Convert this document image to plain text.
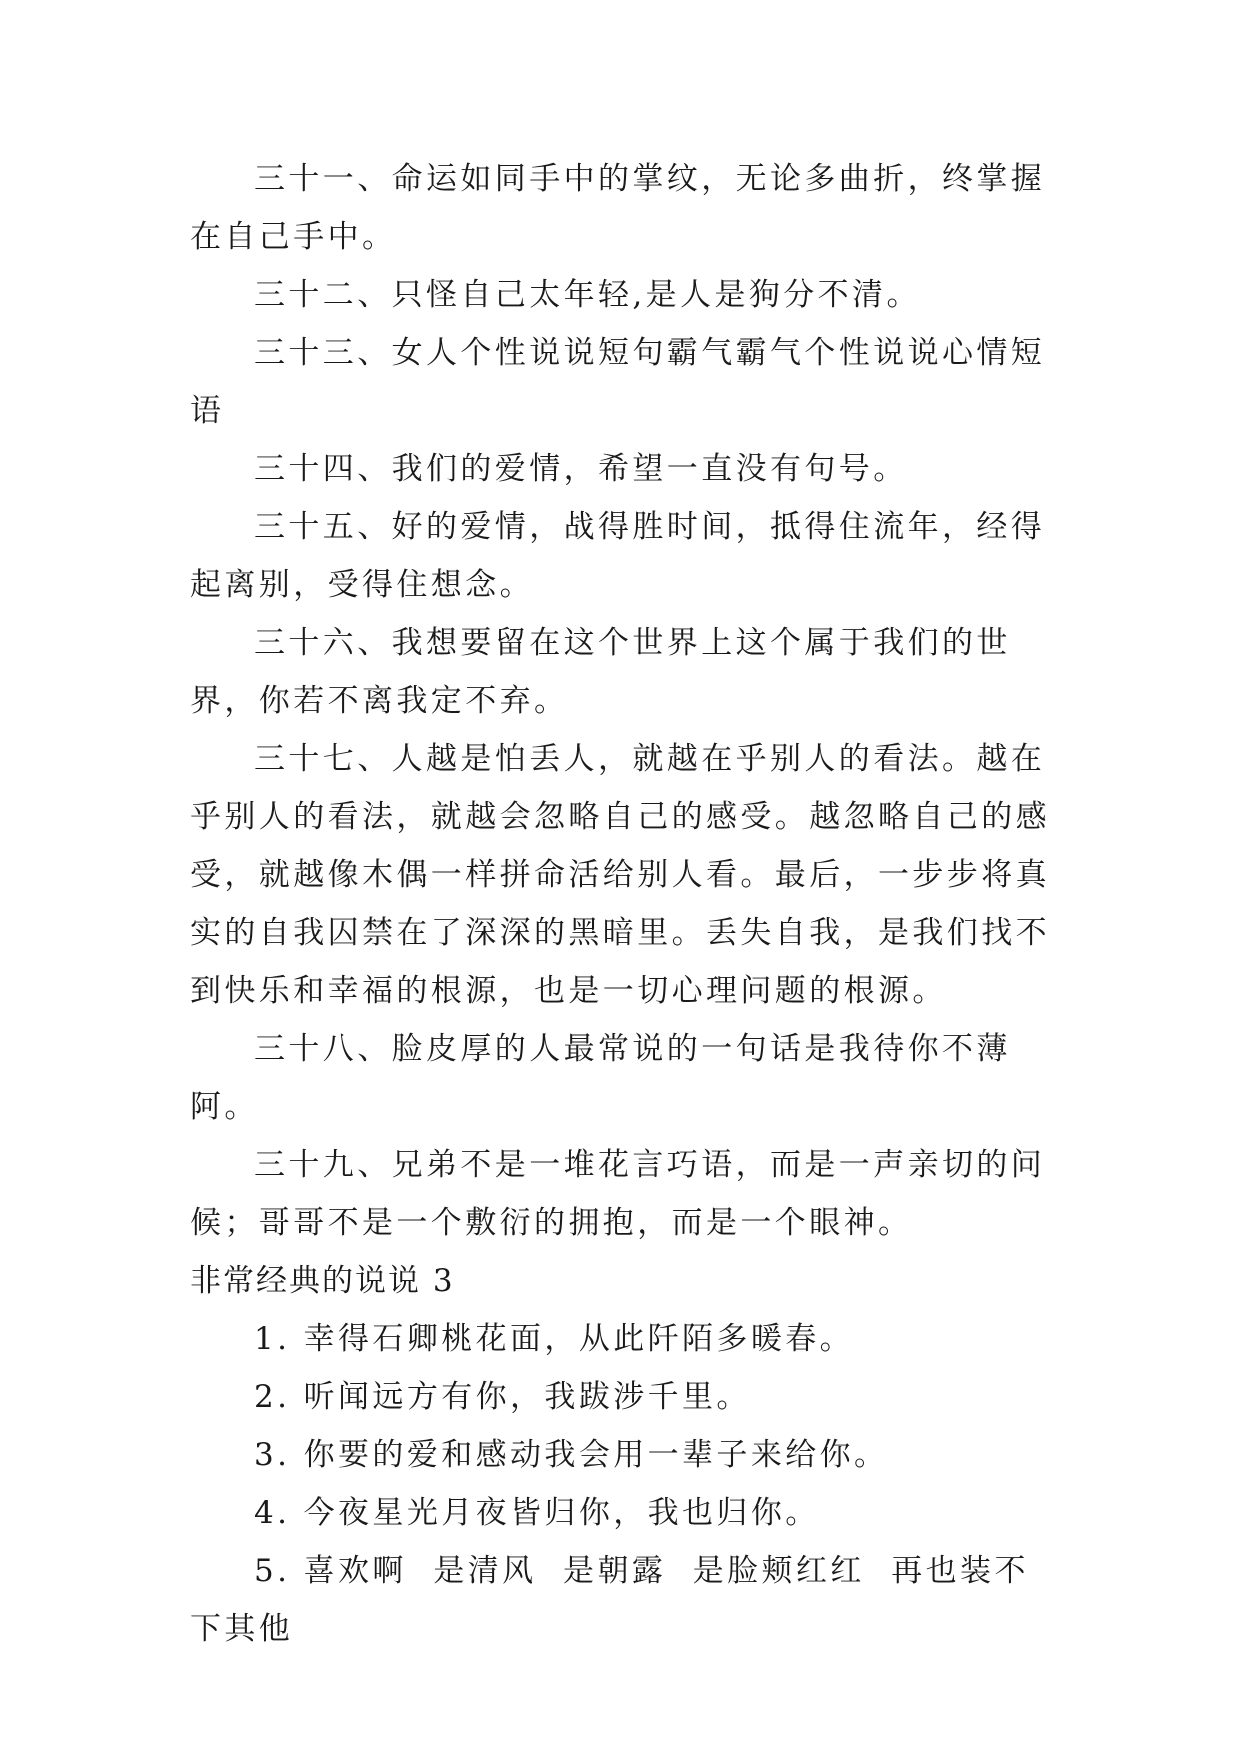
三十一、命运如同手中的掌纹，无论多曲折，终掌握在自己手中。

三十二、只怪自己太年轻,是人是狗分不清。

三十三、女人个性说说短句霸气霸气个性说说心情短语

三十四、我们的爱情，希望一直没有句号。

三十五、好的爱情，战得胜时间，抵得住流年，经得起离别，受得住想念。

三十六、我想要留在这个世界上这个属于我们的世界，你若不离我定不弃。

三十七、人越是怕丢人，就越在乎别人的看法。越在乎别人的看法，就越会忽略自己的感受。越忽略自己的感受，就越像木偶一样拼命活给别人看。最后，一步步将真实的自我囚禁在了深深的黑暗里。丢失自我，是我们找不到快乐和幸福的根源，也是一切心理问题的根源。

三十八、脸皮厚的人最常说的一句话是我待你不薄阿。

三十九、兄弟不是一堆花言巧语，而是一声亲切的问候；哥哥不是一个敷衍的拥抱，而是一个眼神。

非常经典的说说 3

1. 幸得石卿桃花面，从此阡陌多暖春。

2. 听闻远方有你，我跋涉千里。

3. 你要的爱和感动我会用一辈子来给你。

4. 今夜星光月夜皆归你，我也归你。

5. 喜欢啊  是清风  是朝露  是脸颊红红  再也装不下其他
